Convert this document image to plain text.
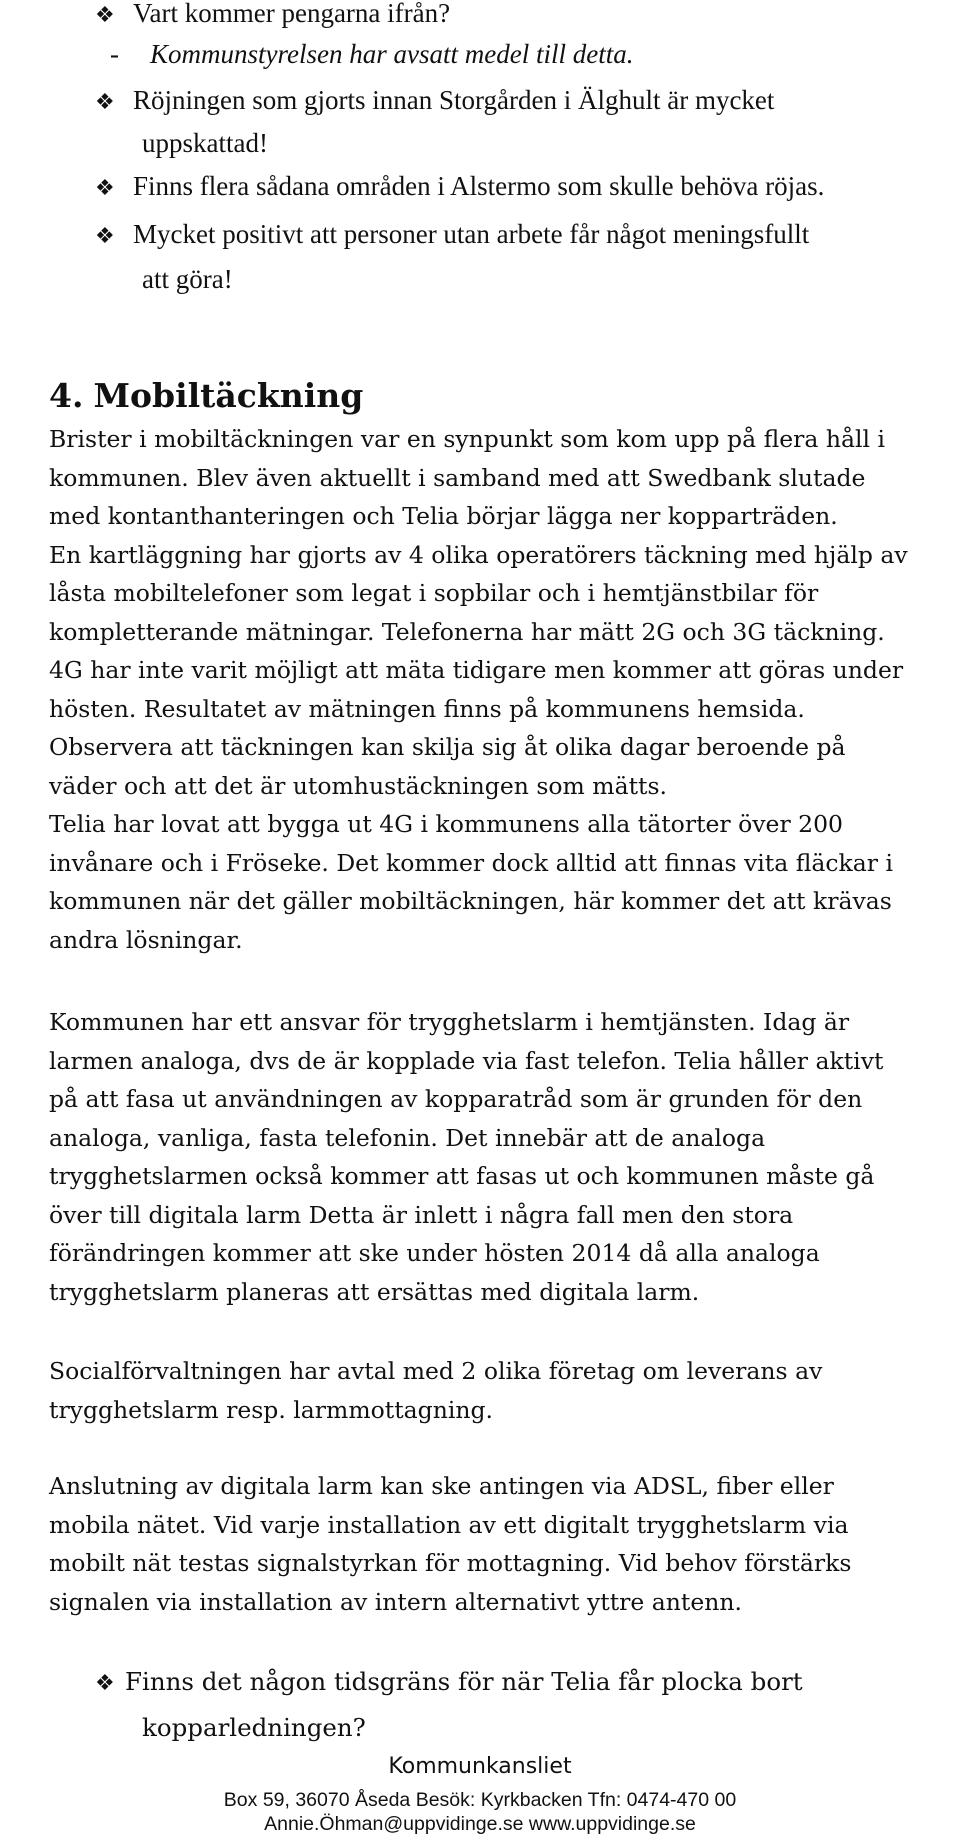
❖ Vart kommer pengarna ifrån?
- Kommunstyrelsen har avsatt medel till detta.
❖ Röjningen som gjorts innan Storgården i Älghult är mycket
uppskattad!
❖ Finns flera sådana områden i Alstermo som skulle behöva röjas.
❖ Mycket positivt att personer utan arbete får något meningsfullt
att göra!
4. Mobiltäckning
Brister i mobiltäckningen var en synpunkt som kom upp på flera håll i
kommunen. Blev även aktuellt i samband med att Swedbank slutade
med kontanthanteringen och Telia börjar lägga ner kopparträden.
En kartläggning har gjorts av 4 olika operatörers täckning med hjälp av
låsta mobiltelefoner som legat i sopbilar och i hemtjänstbilar för
kompletterande mätningar. Telefonerna har mätt 2G och 3G täckning.
4G har inte varit möjligt att mäta tidigare men kommer att göras under
hösten. Resultatet av mätningen finns på kommunens hemsida.
Observera att täckningen kan skilja sig åt olika dagar beroende på
väder och att det är utomhustäckningen som mätts.
Telia har lovat att bygga ut 4G i kommunens alla tätorter över 200
invånare och i Fröseke. Det kommer dock alltid att finnas vita fläckar i
kommunen när det gäller mobiltäckningen, här kommer det att krävas
andra lösningar.
Kommunen har ett ansvar för trygghetslarm i hemtjänsten. Idag är
larmen analoga, dvs de är kopplade via fast telefon. Telia håller aktivt
på att fasa ut användningen av kopparatråd som är grunden för den
analoga, vanliga, fasta telefonin. Det innebär att de analoga
trygghetslarmen också kommer att fasas ut och kommunen måste gå
över till digitala larm Detta är inlett i några fall men den stora
förändringen kommer att ske under hösten 2014 då alla analoga
trygghetslarm planeras att ersättas med digitala larm.
Socialförvaltningen har avtal med 2 olika företag om leverans av
trygghetslarm resp. larmmottagning.
Anslutning av digitala larm kan ske antingen via ADSL, fiber eller
mobila nätet. Vid varje installation av ett digitalt trygghetslarm via
mobilt nät testas signalstyrkan för mottagning. Vid behov förstärks
signalen via installation av intern alternativt yttre antenn.
❖ Finns det någon tidsgräns för när Telia får plocka bort
kopparledningen?
Kommunkansliet
Box 59, 36070 Åseda Besök: Kyrkbacken Tfn: 0474-470 00
Annie.Öhman@uppvidinge.se www.uppvidinge.se
